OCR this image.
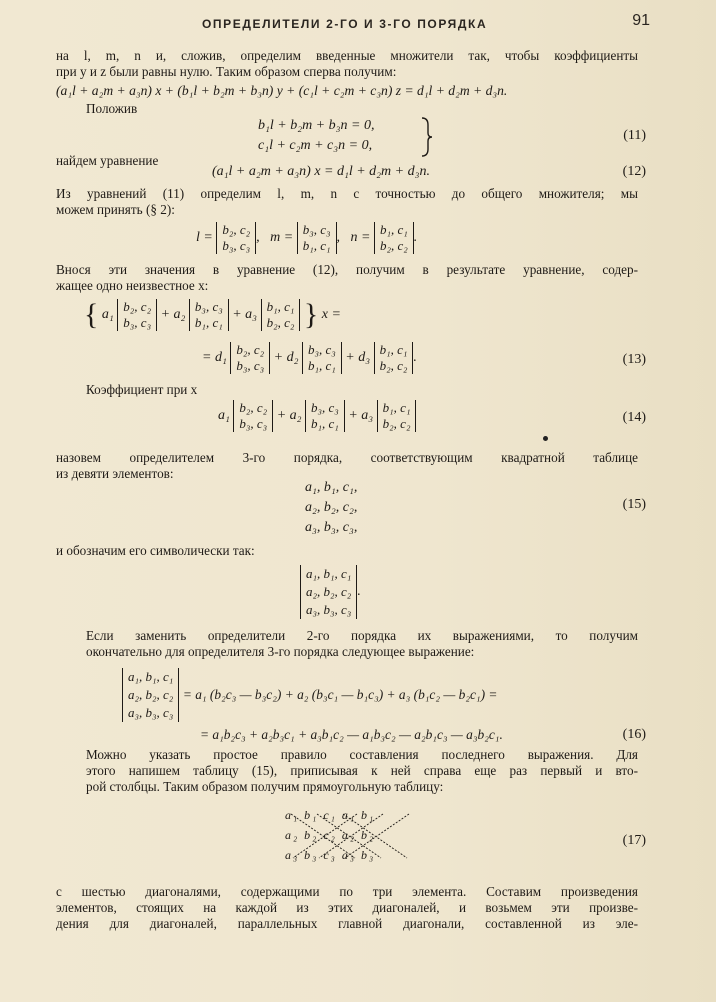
ОПРЕДЕЛИТЕЛИ 2-ГО И 3-ГО ПОРЯДКА	91
на l, m, n и, сложив, определим введенные множители так, чтобы коэффициенты
при y и z были равны нулю. Таким образом сперва получим:
(a₁l + a₂m + a₃n) x + (b₁l + b₂m + b₃n) y + (c₁l + c₂m + c₃n) z = d₁l + d₂m + d₃n.
Положив
b₁l + b₂m + b₃n = 0,
c₁l + c₂m + c₃n = 0,
(11)
найдем уравнение
(a₁l + a₂m + a₃n) x = d₁l + d₂m + d₃n.	(12)
Из уравнений (11) определим l, m, n с точностью до общего множителя; мы
можем принять (§ 2):
l =
b₂, c₂
b₃, c₃
, m =
b₃, c₃
b₁, c₁
, n =
b₁, c₁
b₂, c₂
.
Внося эти значения в уравнение (12), получим в результате уравнение, содер-
жащее одно неизвестное x:
{ a₁
b₂, c₂
b₃, c₃
+ a₂
b₃, c₃
b₁, c₁
+ a₃
b₁, c₁
b₂, c₂ } x =
= d₁
b₂, c₂
b₃, c₃
+ d₂
b₃, c₃
b₁, c₁
+ d₃
b₁, c₁
b₂, c₂
.	(13)
Коэффициент при x
a₁
b₂, c₂
b₃, c₃
+ a₂
b₃, c₃
b₁, c₁
+ a₃
b₁, c₁
b₂, c₂	(14)
назовем определителем 3-го порядка, соответствующим квадратной таблице
из девяти элементов:
a₁, b₁, c₁,
a₂, b₂, c₂,
a₃, b₃, c₃,
(15)
и обозначим его символически так:
a₁, b₁, c₁
a₂, b₂, c₂
a₃, b₃, c₃
.
Если заменить определители 2-го порядка их выражениями, то получим
окончательно для определителя 3-го порядка следующее выражение:
a₁, b₁, c₁
a₂, b₂, c₂
a₃, b₃, c₃
= a₁ (b₂c₃ — b₃c₂) + a₂ (b₃c₁ — b₁c₃) + a₃ (b₁c₂ — b₂c₁) =
= a₁b₂c₃ + a₂b₃c₁ + a₃b₁c₂ — a₁b₃c₂ — a₂b₁c₃ — a₃b₂c₁.	(16)
Можно указать простое правило составления последнего выражения. Для
этого напишем таблицу (15), приписывая к ней справа еще раз первый и вто-
рой столбцы. Таким образом получим прямоугольную таблицу:
a₁ b₁ c₁ a₁ b₁
a₂ b₂ c₂ a₂ b₂
a₃ b₃ c₃ a₃ b₃
(17)
с шестью диагоналями, содержащими по три элемента. Составим произведения
элементов, стоящих на каждой из этих диагоналей, и возьмем эти произве-
дения для диагоналей, параллельных главной диагонали, составленной из эле-
